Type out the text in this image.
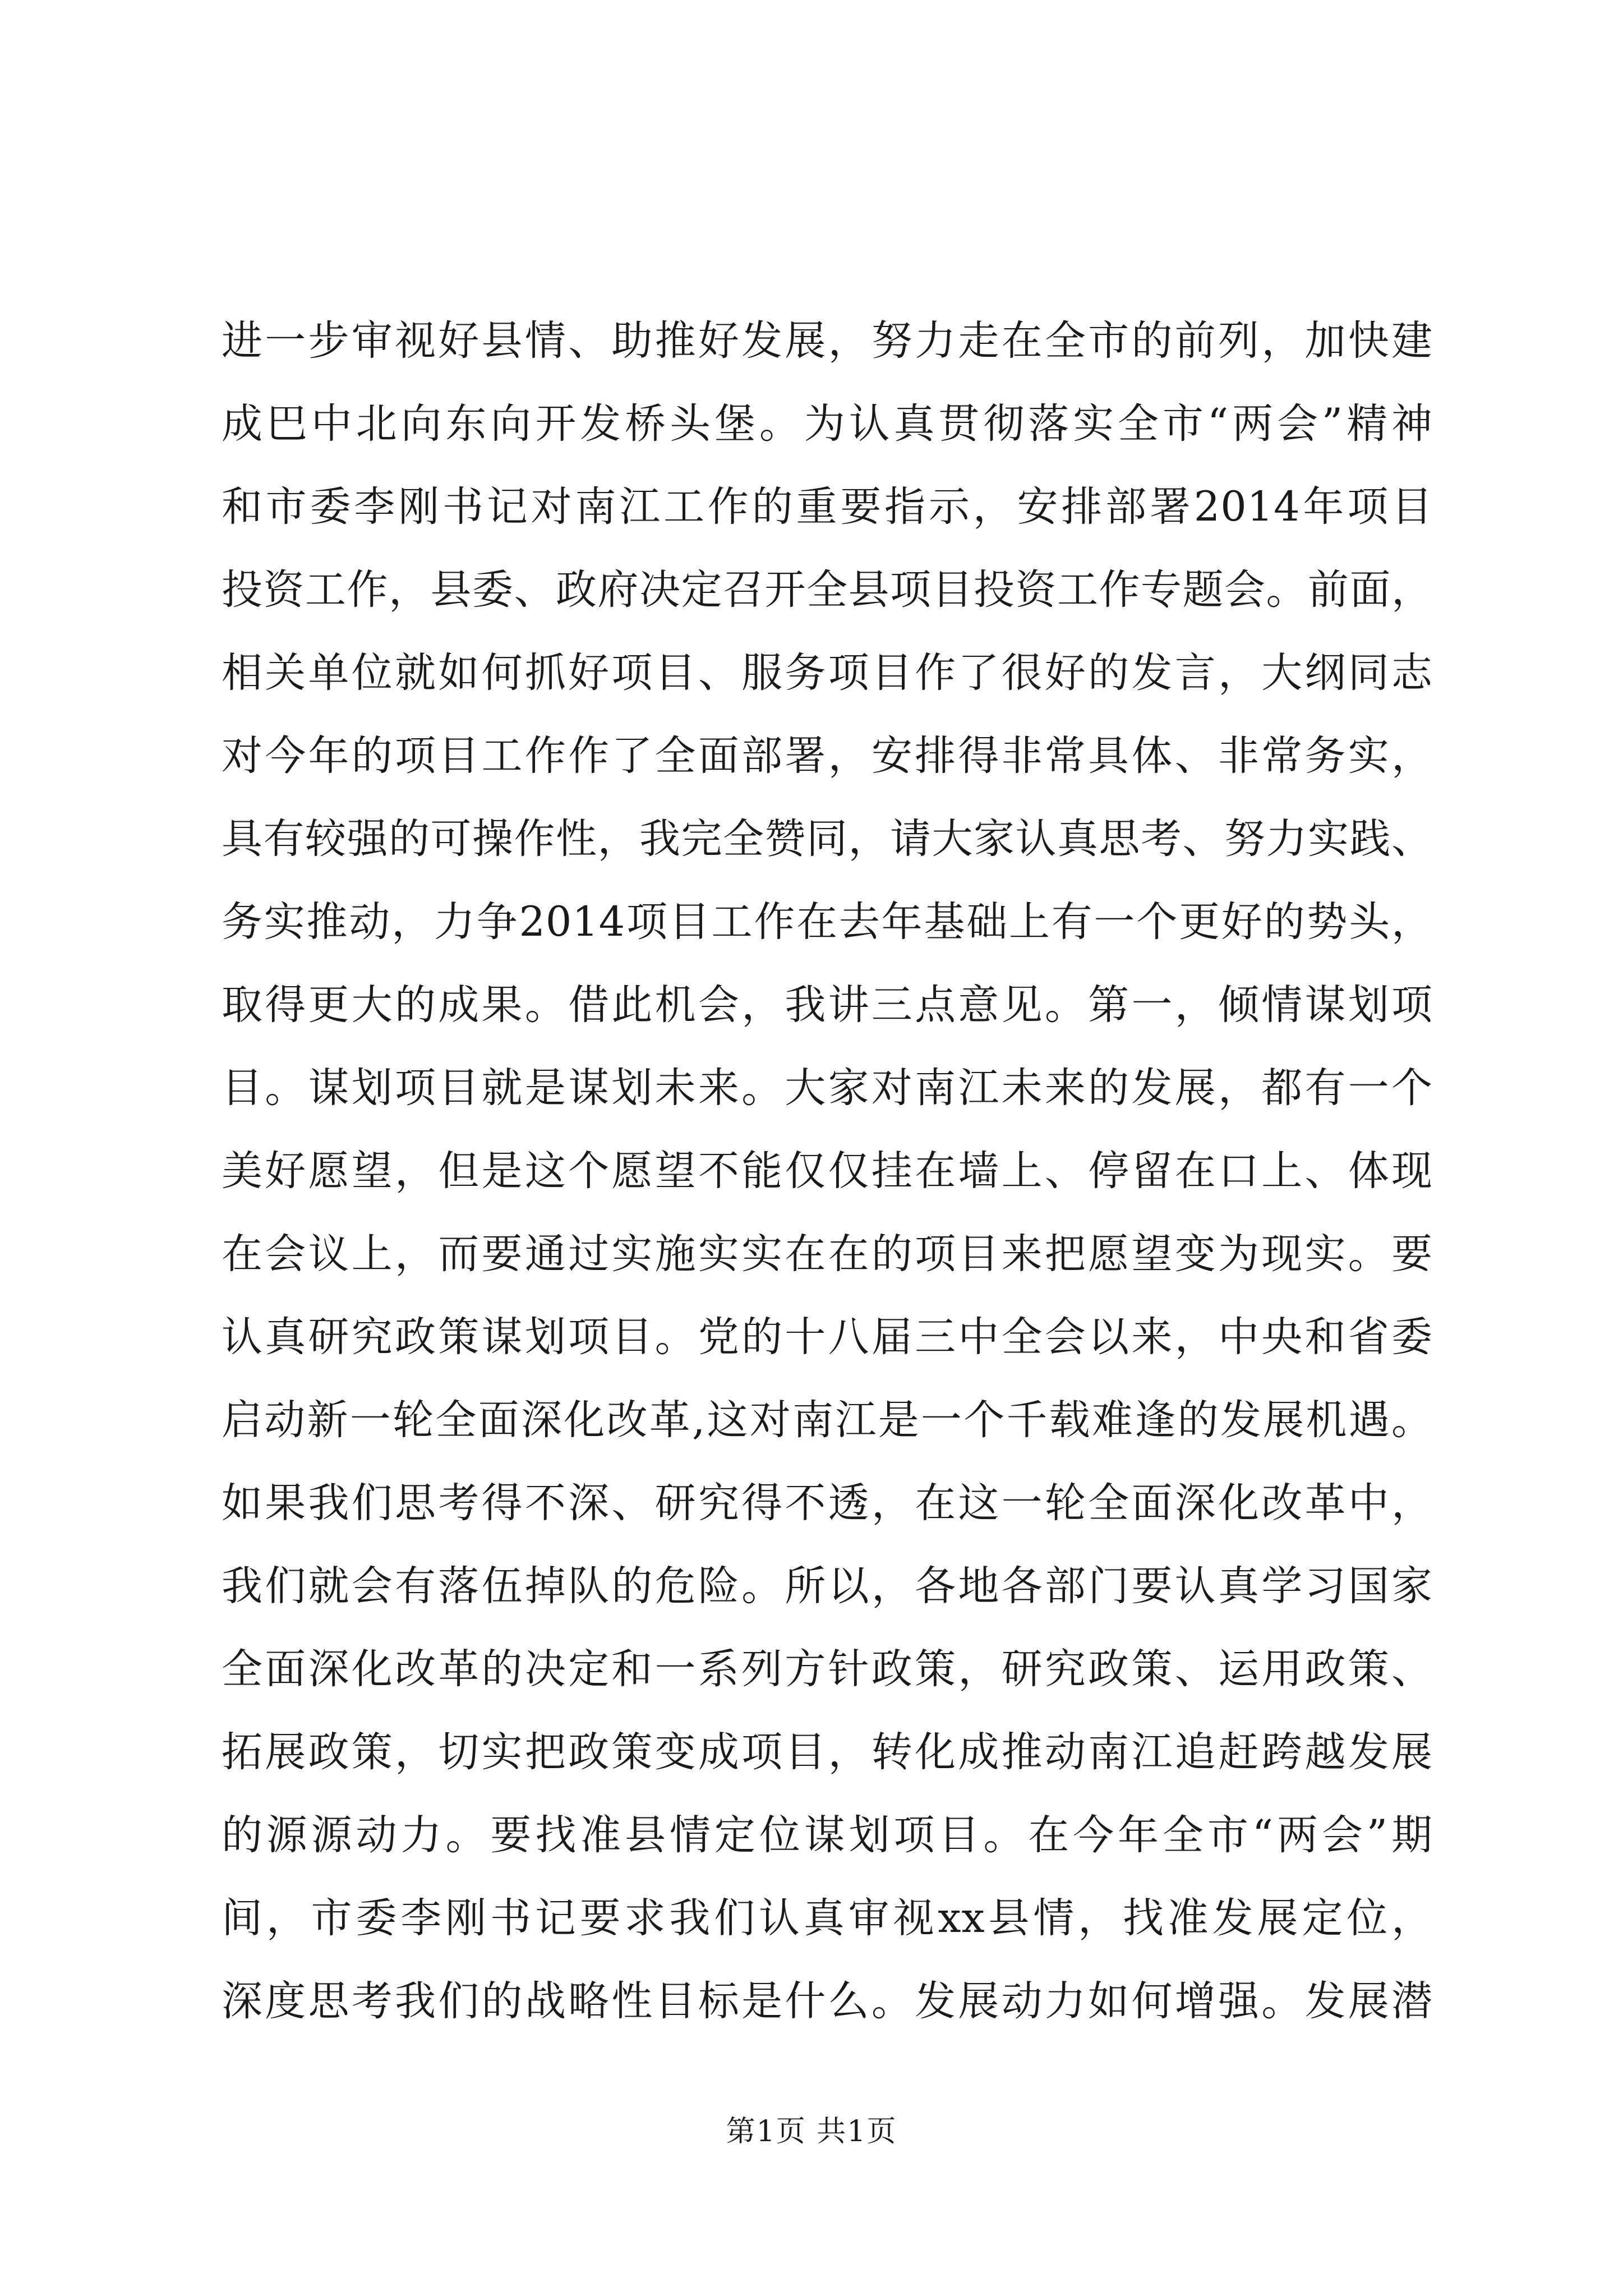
进一步审视好县情、助推好发展，努力走在全市的前列，加快建
成巴中北向东向开发桥头堡。为认真贯彻落实全市“两会”精神
和市委李刚书记对南江工作的重要指示，安排部署2014年项目
投资工作，县委、政府决定召开全县项目投资工作专题会。前面，
相关单位就如何抓好项目、服务项目作了很好的发言，大纲同志
对今年的项目工作作了全面部署，安排得非常具体、非常务实，
具有较强的可操作性，我完全赞同，请大家认真思考、努力实践、
务实推动，力争2014项目工作在去年基础上有一个更好的势头，
取得更大的成果。借此机会，我讲三点意见。第一，倾情谋划项
目。谋划项目就是谋划未来。大家对南江未来的发展，都有一个
美好愿望，但是这个愿望不能仅仅挂在墙上、停留在口上、体现
在会议上，而要通过实施实实在在的项目来把愿望变为现实。要
认真研究政策谋划项目。党的十八届三中全会以来，中央和省委
启动新一轮全面深化改革,这对南江是一个千载难逢的发展机遇。
如果我们思考得不深、研究得不透，在这一轮全面深化改革中，
我们就会有落伍掉队的危险。所以，各地各部门要认真学习国家
全面深化改革的决定和一系列方针政策，研究政策、运用政策、
拓展政策，切实把政策变成项目，转化成推动南江追赶跨越发展
的源源动力。要找准县情定位谋划项目。在今年全市“两会”期
间，市委李刚书记要求我们认真审视xx县情，找准发展定位，
深度思考我们的战略性目标是什么。发展动力如何增强。发展潜
第1页 共1页
